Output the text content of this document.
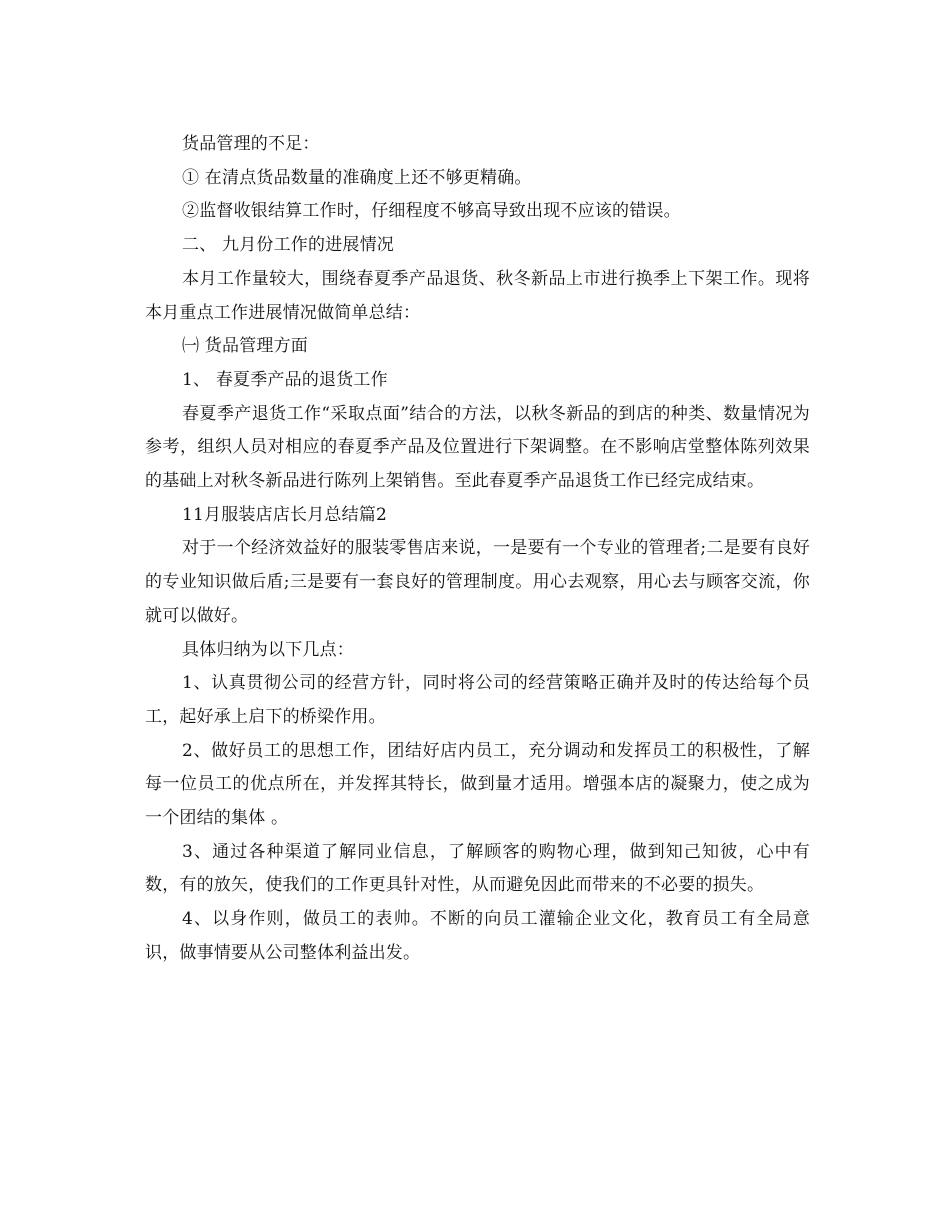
货品管理的不足：

① 在清点货品数量的准确度上还不够更精确。

②监督收银结算工作时，仔细程度不够高导致出现不应该的错误。

二、 九月份工作的进展情况

本月工作量较大，围绕春夏季产品退货、秋冬新品上市进行换季上下架工作。现将本月重点工作进展情况做简单总结：

㈠ 货品管理方面

1、 春夏季产品的退货工作

春夏季产退货工作“采取点面”结合的方法，以秋冬新品的到店的种类、数量情况为参考，组织人员对相应的春夏季产品及位置进行下架调整。在不影响店堂整体陈列效果的基础上对秋冬新品进行陈列上架销售。至此春夏季产品退货工作已经完成结束。

11月服装店店长月总结篇2

对于一个经济效益好的服装零售店来说，一是要有一个专业的管理者;二是要有良好的专业知识做后盾;三是要有一套良好的管理制度。用心去观察，用心去与顾客交流，你就可以做好。

具体归纳为以下几点：

1、认真贯彻公司的经营方针，同时将公司的经营策略正确并及时的传达给每个员工，起好承上启下的桥梁作用。

2、做好员工的思想工作，团结好店内员工，充分调动和发挥员工的积极性，了解每一位员工的优点所在，并发挥其特长，做到量才适用。增强本店的凝聚力，使之成为一个团结的集体 。

3、通过各种渠道了解同业信息，了解顾客的购物心理，做到知己知彼，心中有数，有的放矢，使我们的工作更具针对性，从而避免因此而带来的不必要的损失。

4、以身作则，做员工的表帅。不断的向员工灌输企业文化，教育员工有全局意识，做事情要从公司整体利益出发。
